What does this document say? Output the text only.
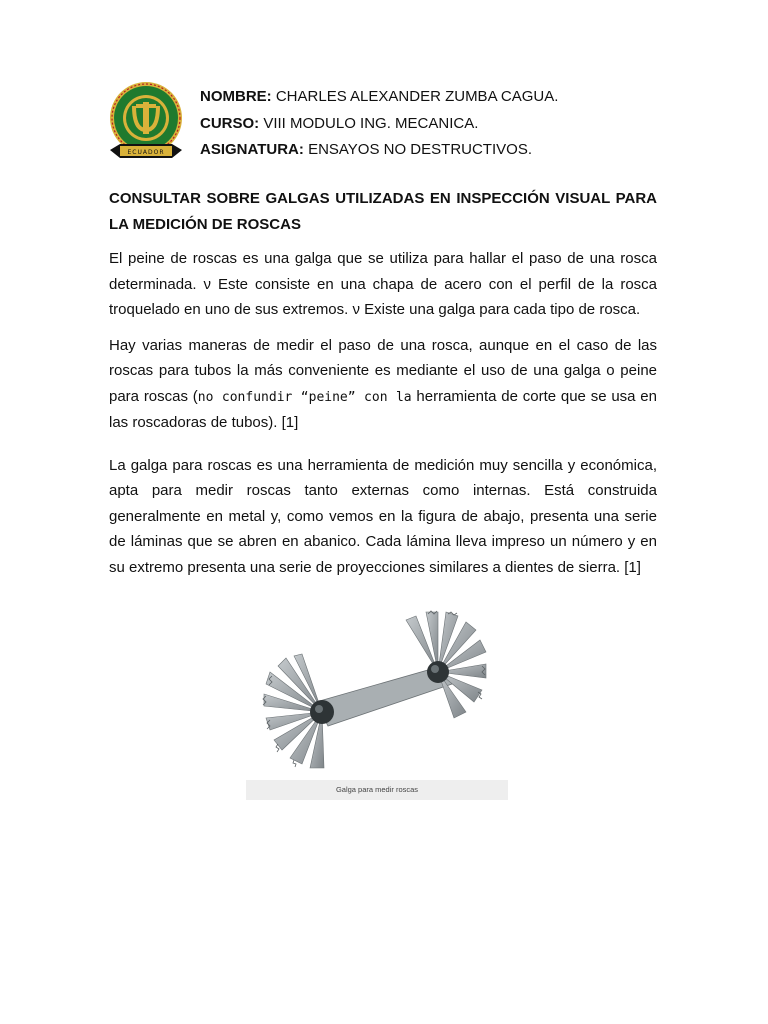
ECUADOR
NOMBRE: CHARLES ALEXANDER ZUMBA CAGUA.
CURSO: VIII MODULO ING. MECANICA.
ASIGNATURA: ENSAYOS NO DESTRUCTIVOS.

CONSULTAR SOBRE GALGAS UTILIZADAS EN INSPECCIÓN VISUAL PARA LA MEDICIÓN DE ROSCAS

El peine de roscas es una galga que se utiliza para hallar el paso de una rosca determinada. ν Este consiste en una chapa de acero con el perfil de la rosca troquelado en uno de sus extremos. ν Existe una galga para cada tipo de rosca.

Hay varias maneras de medir el paso de una rosca, aunque en el caso de las roscas para tubos la más conveniente es mediante el uso de una galga o peine para roscas (no confundir “peine” con la herramienta de corte que se usa en las roscadoras de tubos). [1]

La galga para roscas es una herramienta de medición muy sencilla y económica, apta para medir roscas tanto externas como internas. Está construida generalmente en metal y, como vemos en la figura de abajo, presenta una serie de láminas que se abren en abanico. Cada lámina lleva impreso un número y en su extremo presenta una serie de proyecciones similares a dientes de sierra. [1]

Galga para medir roscas
